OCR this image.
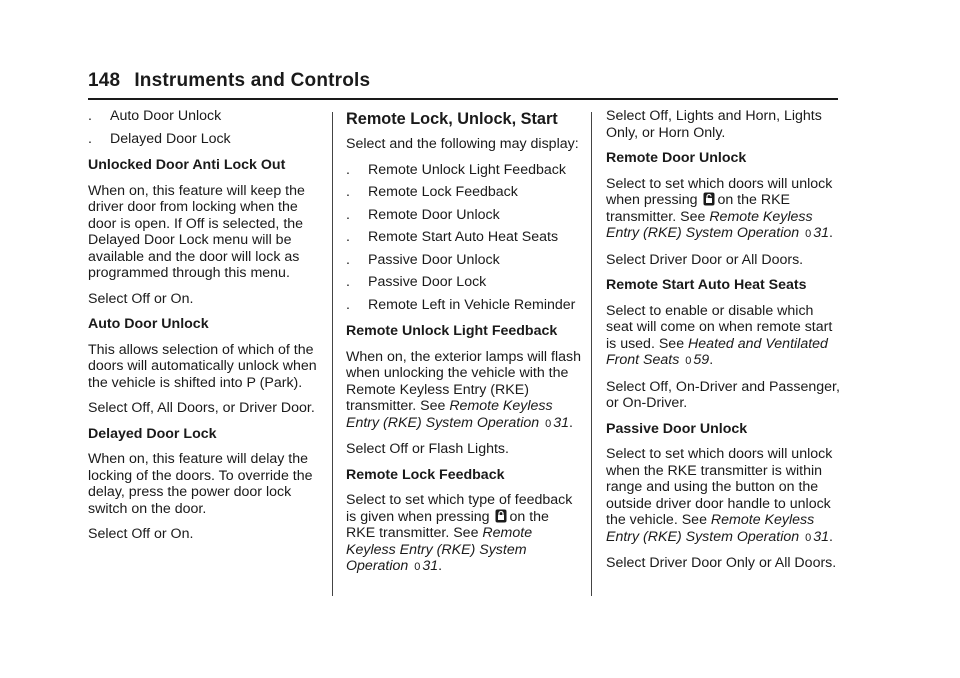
148 Instruments and Controls
.	Auto Door Unlock
.	Delayed Door Lock

Unlocked Door Anti Lock Out

When on, this feature will keep the driver door from locking when the door is open. If Off is selected, the Delayed Door Lock menu will be available and the door will lock as programmed through this menu.

Select Off or On.

Auto Door Unlock

This allows selection of which of the doors will automatically unlock when the vehicle is shifted into P (Park).

Select Off, All Doors, or Driver Door.

Delayed Door Lock

When on, this feature will delay the locking of the doors. To override the delay, press the power door lock switch on the door.

Select Off or On.

Remote Lock, Unlock, Start

Select and the following may display:

.	Remote Unlock Light Feedback
.	Remote Lock Feedback
.	Remote Door Unlock
.	Remote Start Auto Heat Seats
.	Passive Door Unlock
.	Passive Door Lock
.	Remote Left in Vehicle Reminder

Remote Unlock Light Feedback

When on, the exterior lamps will flash when unlocking the vehicle with the Remote Keyless Entry (RKE) transmitter. See Remote Keyless Entry (RKE) System Operation 0 31.

Select Off or Flash Lights.

Remote Lock Feedback

Select to set which type of feedback is given when pressing on the RKE transmitter. See Remote Keyless Entry (RKE) System Operation 0 31.

Select Off, Lights and Horn, Lights Only, or Horn Only.

Remote Door Unlock

Select to set which doors will unlock when pressing on the RKE transmitter. See Remote Keyless Entry (RKE) System Operation 0 31.

Select Driver Door or All Doors.

Remote Start Auto Heat Seats

Select to enable or disable which seat will come on when remote start is used. See Heated and Ventilated Front Seats 0 59.

Select Off, On-Driver and Passenger, or On-Driver.

Passive Door Unlock

Select to set which doors will unlock when the RKE transmitter is within range and using the button on the outside driver door handle to unlock the vehicle. See Remote Keyless Entry (RKE) System Operation 0 31.

Select Driver Door Only or All Doors.
